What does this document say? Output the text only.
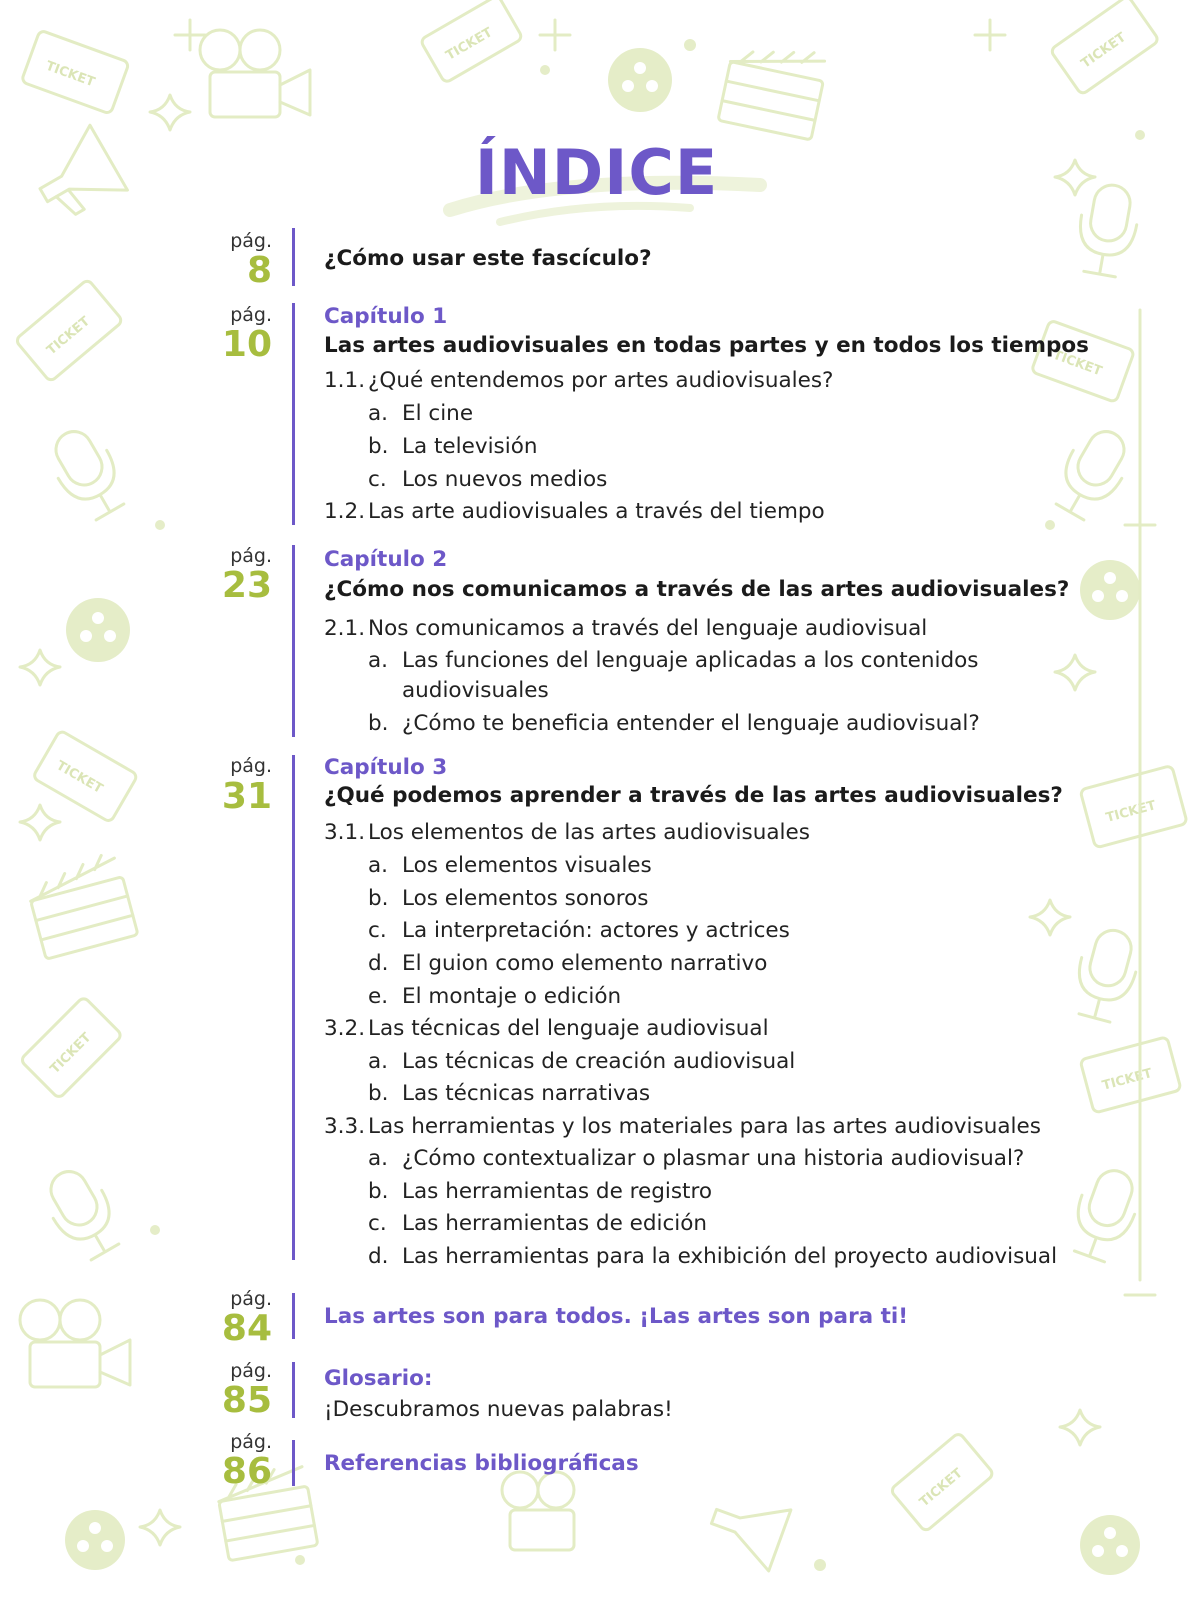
TICKET
TICKET	TICKET
TICKET
TICKET
TICKET
TICKET
TICKET
TICKET
TICKET
ÍNDICE
pág.
8 ¿Cómo usar este fascículo?
pág.
10
Capítulo 1
Las artes audiovisuales en todas partes y en todos los tiempos
1.1. ¿Qué entendemos por artes audiovisuales?
a. El cine
b. La televisión
c. Los nuevos medios
1.2. Las arte audiovisuales a través del tiempo
pág.
23
Capítulo 2
¿Cómo nos comunicamos a través de las artes audiovisuales?
2.1. Nos comunicamos a través del lenguaje audiovisual
a. Las funciones del lenguaje aplicadas a los contenidos
audiovisuales
b. ¿Cómo te beneficia entender el lenguaje audiovisual?
pág.
31
Capítulo 3
¿Qué podemos aprender a través de las artes audiovisuales?
3.1. Los elementos de las artes audiovisuales
a. Los elementos visuales
b. Los elementos sonoros
c. La interpretación: actores y actrices
d. El guion como elemento narrativo
e. El montaje o edición
3.2. Las técnicas del lenguaje audiovisual
a. Las técnicas de creación audiovisual
b. Las técnicas narrativas
3.3. Las herramientas y los materiales para las artes audiovisuales
a. ¿Cómo contextualizar o plasmar una historia audiovisual?
b. Las herramientas de registro
c. Las herramientas de edición
d. Las herramientas para la exhibición del proyecto audiovisual
pág.
84 Las artes son para todos. ¡Las artes son para ti!
pág.
85
Glosario:
¡Descubramos nuevas palabras!
pág.
86 Referencias bibliográficas
